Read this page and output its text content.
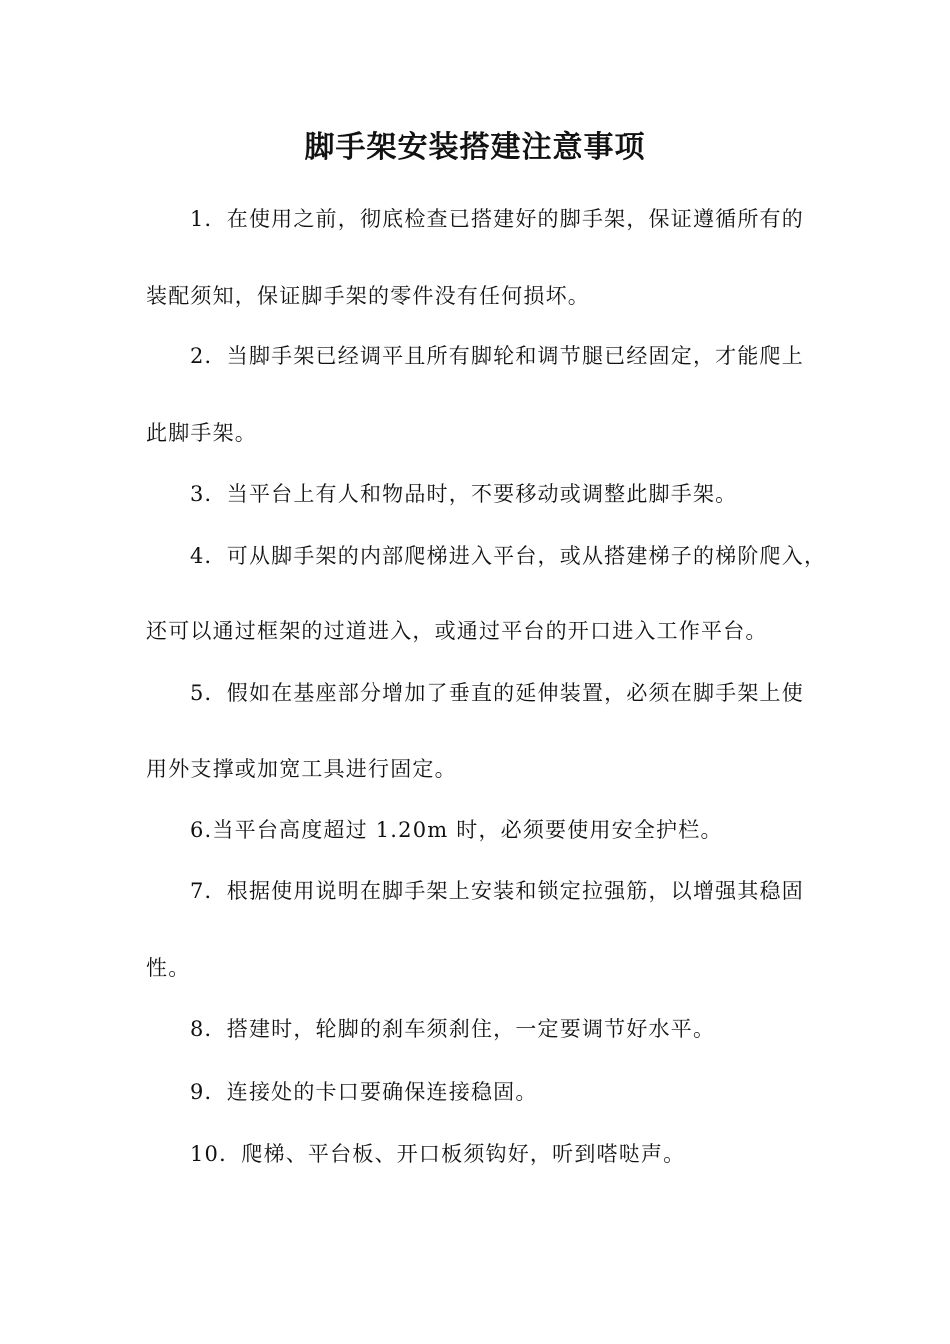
脚手架安装搭建注意事项
1．在使用之前，彻底检查已搭建好的脚手架，保证遵循所有的
装配须知，保证脚手架的零件没有任何损坏。
2．当脚手架已经调平且所有脚轮和调节腿已经固定，才能爬上
此脚手架。
3．当平台上有人和物品时，不要移动或调整此脚手架。
4．可从脚手架的内部爬梯进入平台，或从搭建梯子的梯阶爬入，
还可以通过框架的过道进入，或通过平台的开口进入工作平台。
5．假如在基座部分增加了垂直的延伸装置，必须在脚手架上使
用外支撑或加宽工具进行固定。
6.当平台高度超过 1.20m 时，必须要使用安全护栏。
7．根据使用说明在脚手架上安装和锁定拉强筋，以增强其稳固
性。
8．搭建时，轮脚的刹车须刹住，一定要调节好水平。
9．连接处的卡口要确保连接稳固。
10．爬梯、平台板、开口板须钩好，听到嗒哒声。
